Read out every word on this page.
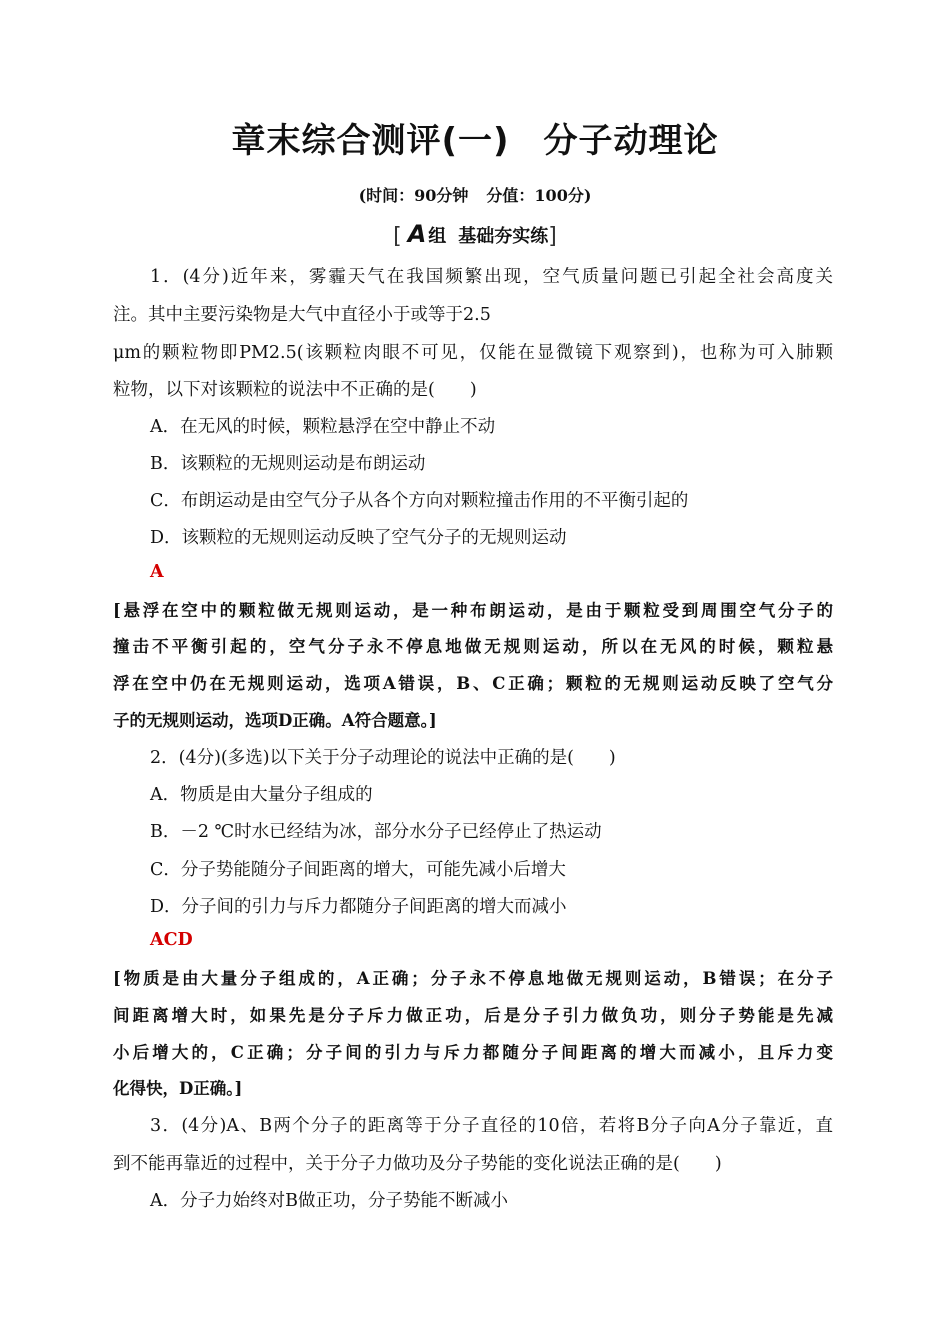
章末综合测评(一) 分子动理论
(时间：90分钟 分值：100分)
[ A 组 基础夯实练]
1．(4分)近年来，雾霾天气在我国频繁出现，空气质量问题已引起全社会高度关
注。其中主要污染物是大气中直径小于或等于2.5
μm的颗粒物即PM2.5(该颗粒肉眼不可见，仅能在显微镜下观察到)，也称为可入肺颗
粒物，以下对该颗粒的说法中不正确的是(　　)
A．在无风的时候，颗粒悬浮在空中静止不动
B．该颗粒的无规则运动是布朗运动
C．布朗运动是由空气分子从各个方向对颗粒撞击作用的不平衡引起的
D．该颗粒的无规则运动反映了空气分子的无规则运动
A
[悬浮在空中的颗粒做无规则运动，是一种布朗运动，是由于颗粒受到周围空气分子的
撞击不平衡引起的，空气分子永不停息地做无规则运动，所以在无风的时候，颗粒悬
浮在空中仍在无规则运动，选项A错误，B、C正确；颗粒的无规则运动反映了空气分
子的无规则运动，选项D正确。A符合题意。]
2．(4分)(多选)以下关于分子动理论的说法中正确的是(　　)
A．物质是由大量分子组成的
B．－2 ℃时水已经结为冰，部分水分子已经停止了热运动
C．分子势能随分子间距离的增大，可能先减小后增大
D．分子间的引力与斥力都随分子间距离的增大而减小
ACD
[物质是由大量分子组成的，A正确；分子永不停息地做无规则运动，B错误；在分子
间距离增大时，如果先是分子斥力做正功，后是分子引力做负功，则分子势能是先减
小后增大的，C正确；分子间的引力与斥力都随分子间距离的增大而减小，且斥力变
化得快，D正确。]
3．(4分)A、B两个分子的距离等于分子直径的10倍，若将B分子向A分子靠近，直
到不能再靠近的过程中，关于分子力做功及分子势能的变化说法正确的是(　　)
A．分子力始终对B做正功，分子势能不断减小
